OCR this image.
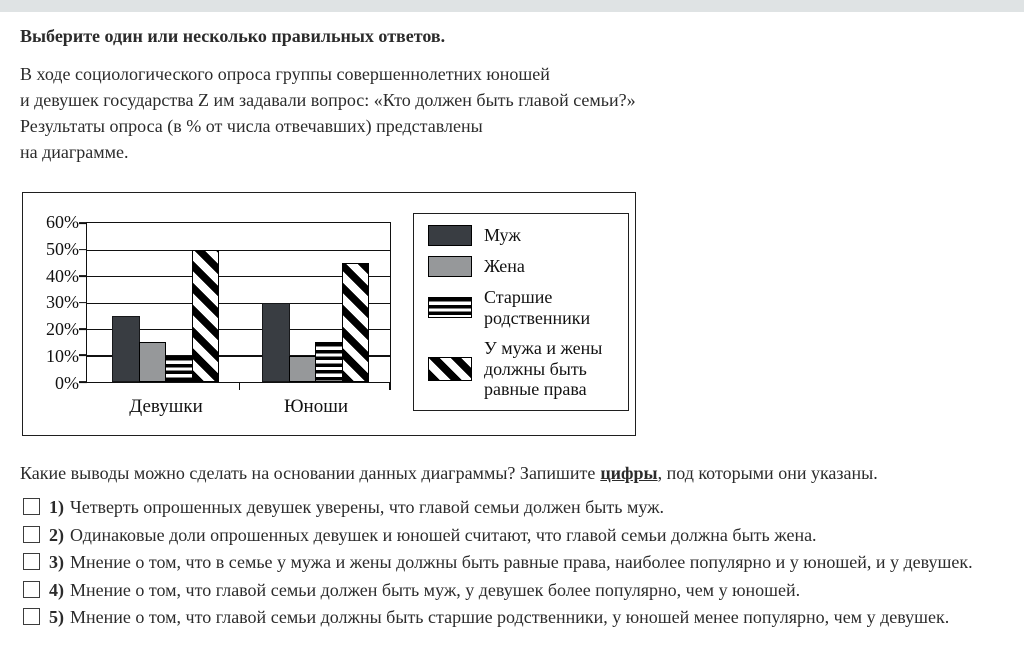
Выберите один или несколько правильных ответов.
В ходе социологического опроса группы совершеннолетних юношей
и девушек государства Z им задавали вопрос: «Кто должен быть главой семьи?»
Результаты опроса (в % от числа отвечавших) представлены
на диаграмме.
60%
50%
40%
30%
20%
10%
0%
Девушки	Юноши
Муж
Жена
Старшие родственники
У мужа и жены должны быть равные права
Какие выводы можно сделать на основании данных диаграммы? Запишите цифры, под которыми они указаны.
1) Четверть опрошенных девушек уверены, что главой семьи должен быть муж.
2) Одинаковые доли опрошенных девушек и юношей считают, что главой семьи должна быть жена.
3) Мнение о том, что в семье у мужа и жены должны быть равные права, наиболее популярно и у юношей, и у девушек.
4) Мнение о том, что главой семьи должен быть муж, у девушек более популярно, чем у юношей.
5) Мнение о том, что главой семьи должны быть старшие родственники, у юношей менее популярно, чем у девушек.
